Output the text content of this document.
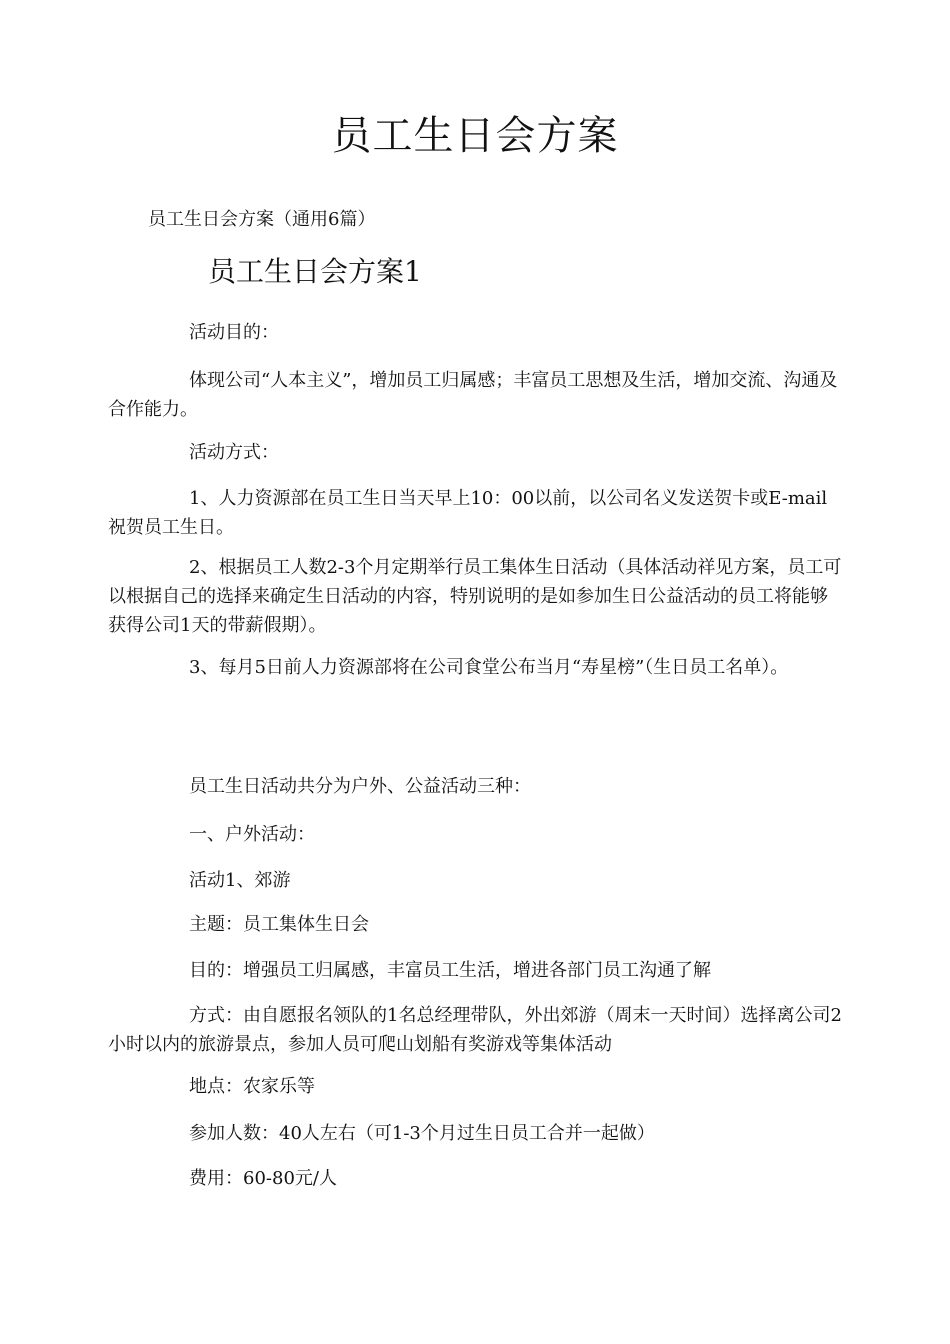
员工生日会方案
员工生日会方案（通用6篇）
员工生日会方案1

活动目的：

体现公司“人本主义”，增加员工归属感；丰富员工思想及生活，增加交流、沟通及合作能力。

活动方式：

1、人力资源部在员工生日当天早上10：00以前，以公司名义发送贺卡或E-mail祝贺员工生日。

2、根据员工人数2-3个月定期举行员工集体生日活动（具体活动祥见方案，员工可以根据自己的选择来确定生日活动的内容，特别说明的是如参加生日公益活动的员工将能够获得公司1天的带薪假期）。

3、每月5日前人力资源部将在公司食堂公布当月“寿星榜”（生日员工名单）。

员工生日活动共分为户外、公益活动三种：

一、户外活动：

活动1、郊游

主题：员工集体生日会

目的：增强员工归属感，丰富员工生活，增进各部门员工沟通了解

方式：由自愿报名领队的1名总经理带队，外出郊游（周末一天时间）选择离公司2小时以内的旅游景点，参加人员可爬山划船有奖游戏等集体活动

地点：农家乐等

参加人数：40人左右（可1-3个月过生日员工合并一起做）

费用：60-80元/人
